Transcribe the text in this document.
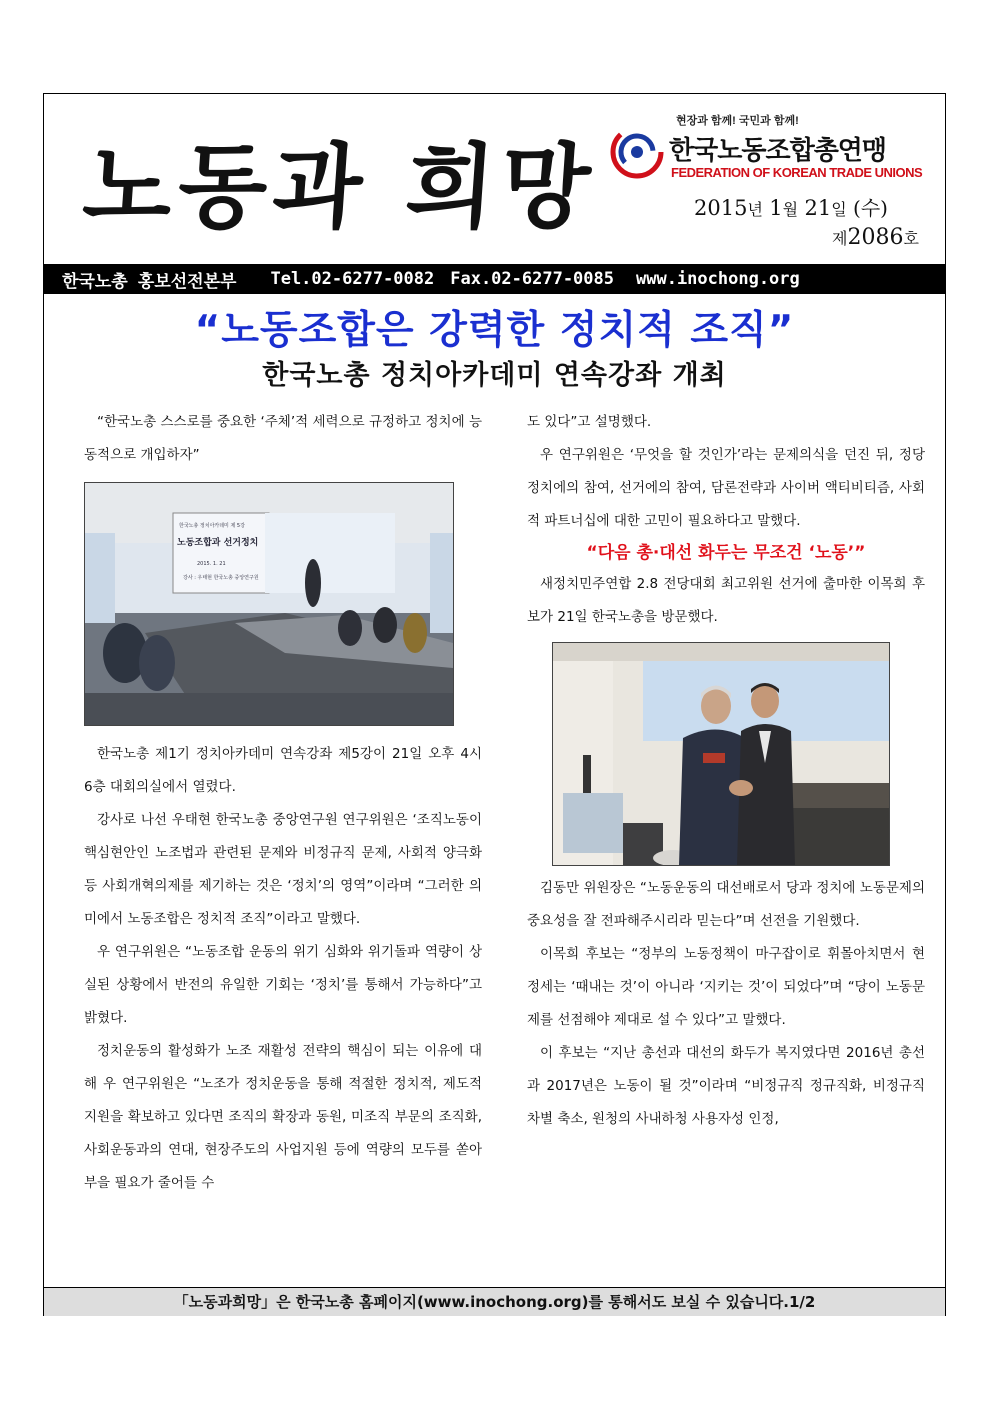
노동과 희망
현장과 함께! 국민과 함께!
한국노동조합총연맹
FEDERATION OF KOREAN TRADE UNIONS
2015년 1월 21일 (수)
제2086호
한국노총 홍보선전본부 Tel.02-6277-0082 Fax.02-6277-0085 www.inochong.org
“노동조합은 강력한 정치적 조직”
한국노총 정치아카데미 연속강좌 개최

“한국노총 스스로를 중요한 ‘주체’적 세력으로 규정하고 정치에 능동적으로 개입하자”

한국노총 정치아카데미 제 5강
노동조합과 선거정치
2015. 1. 21
강사 : 우태현 한국노총 중앙연구원

한국노총 제1기 정치아카데미 연속강좌 제5강이 21일 오후 4시 6층 대회의실에서 열렸다.

강사로 나선 우태현 한국노총 중앙연구원 연구위원은 ‘조직노동이 핵심현안인 노조법과 관련된 문제와 비정규직 문제, 사회적 양극화 등 사회개혁의제를 제기하는 것은 ‘정치’의 영역”이라며 “그러한 의미에서 노동조합은 정치적 조직”이라고 말했다.

우 연구위원은 “노동조합 운동의 위기 심화와 위기돌파 역량이 상실된 상황에서 반전의 유일한 기회는 ‘정치’를 통해서 가능하다”고 밝혔다.

정치운동의 활성화가 노조 재활성 전략의 핵심이 되는 이유에 대해 우 연구위원은 “노조가 정치운동을 통해 적절한 정치적, 제도적 지원을 확보하고 있다면 조직의 확장과 동원, 미조직 부문의 조직화, 사회운동과의 연대, 현장주도의 사업지원 등에 역량의 모두를 쏟아 부을 필요가 줄어들 수

도 있다”고 설명했다.

우 연구위원은 ‘무엇을 할 것인가’라는 문제의식을 던진 뒤, 정당정치에의 참여, 선거에의 참여, 담론전략과 사이버 액티비티즘, 사회적 파트너십에 대한 고민이 필요하다고 말했다.

“다음 총·대선 화두는 무조건 ‘노동’”

새정치민주연합 2.8 전당대회 최고위원 선거에 출마한 이목희 후보가 21일 한국노총을 방문했다.

김동만 위원장은 “노동운동의 대선배로서 당과 정치에 노동문제의 중요성을 잘 전파해주시리라 믿는다”며 선전을 기원했다.

이목희 후보는 “정부의 노동정책이 마구잡이로 휘몰아치면서 현 정세는 ‘때내는 것’이 아니라 ‘지키는 것’이 되었다”며 “당이 노동문제를 선점해야 제대로 설 수 있다”고 말했다.

이 후보는 “지난 총선과 대선의 화두가 복지였다면 2016년 총선과 2017년은 노동이 될 것”이라며 “비정규직 정규직화, 비정규직 차별 축소, 원청의 사내하청 사용자성 인정,

「노동과희망」은 한국노총 홈페이지(www.inochong.org)를 통해서도 보실 수 있습니다.1/2
